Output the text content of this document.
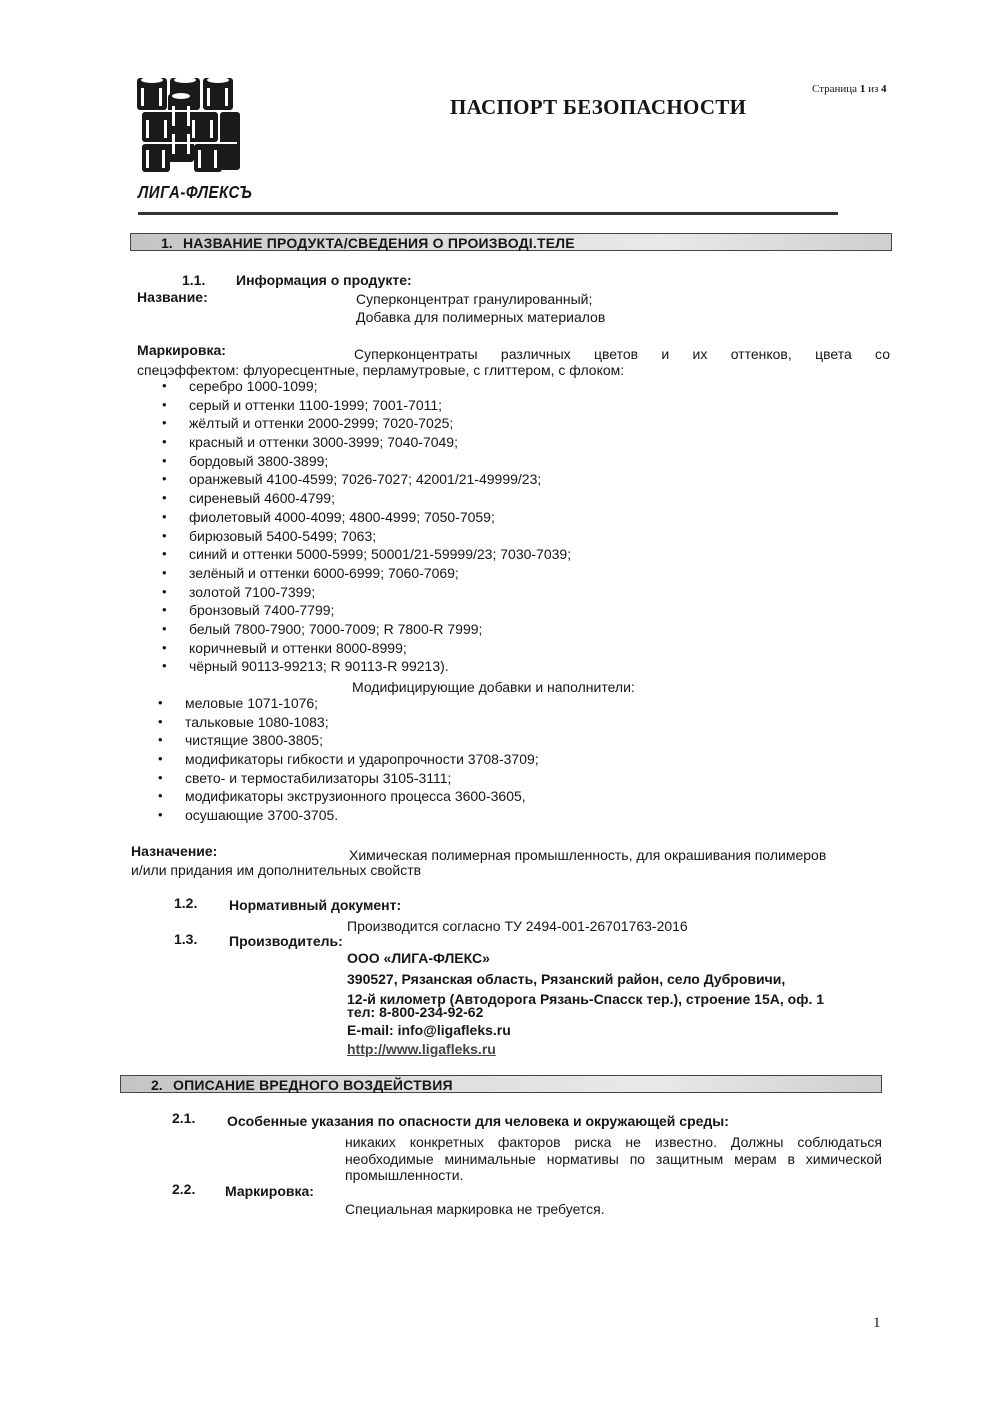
ЛИГА-ФЛЕКСЪ
ПАСПОРТ БЕЗОПАСНОСТИ
Страница 1 из 4
1. НАЗВАНИЕ ПРОДУКТА/СВЕДЕНИЯ О ПРОИЗВОДІ.ТЕЛЕ
1.1. Информация о продукте:
Название:	Суперконцентрат гранулированный;
Добавка для полимерных материалов
Маркировка:	Суперконцентраты различных цветов и их оттенков, цвета со
спецэффектом: флуоресцентные, перламутровые, с глиттером, с флоком:
• серебро 1000-1099;
• серый и оттенки 1100-1999; 7001-7011;
• жёлтый и оттенки 2000-2999; 7020-7025;
• красный и оттенки 3000-3999; 7040-7049;
• бордовый 3800-3899;
• оранжевый 4100-4599; 7026-7027; 42001/21-49999/23;
• сиреневый 4600-4799;
• фиолетовый 4000-4099; 4800-4999; 7050-7059;
• бирюзовый 5400-5499; 7063;
• синий и оттенки 5000-5999; 50001/21-59999/23; 7030-7039;
• зелёный и оттенки 6000-6999; 7060-7069;
• золотой 7100-7399;
• бронзовый 7400-7799;
• белый 7800-7900; 7000-7009; R 7800-R 7999;
• коричневый и оттенки 8000-8999;
• чёрный 90113-99213; R 90113-R 99213).
Модифицирующие добавки и наполнители:
• меловые 1071-1076;
• тальковые 1080-1083;
• чистящие 3800-3805;
• модификаторы гибкости и ударопрочности 3708-3709;
• свето- и термостабилизаторы 3105-3111;
• модификаторы экструзионного процесса 3600-3605,
• осушающие 3700-3705.
Назначение:	Химическая полимерная промышленность, для окрашивания полимеров
и/или придания им дополнительных свойств
1.2. Нормативный документ:
Производится согласно ТУ 2494-001-26701763-2016
1.3. Производитель:
ООО «ЛИГА-ФЛЕКС»
390527, Рязанская область, Рязанский район, село Дубровичи,
12-й километр (Автодорога Рязань-Спасск тер.), строение 15А, оф. 1
тел: 8-800-234-92-62
E-mail: info@ligafleks.ru
http://www.ligafleks.ru
2. ОПИСАНИЕ ВРЕДНОГО ВОЗДЕЙСТВИЯ
2.1. Особенные указания по опасности для человека и окружающей среды:
никаких конкретных факторов риска не известно. Должны соблюдаться
необходимые минимальные нормативы по защитным мерам в химической
промышленности.
2.2. Маркировка:
Специальная маркировка не требуется.
1
